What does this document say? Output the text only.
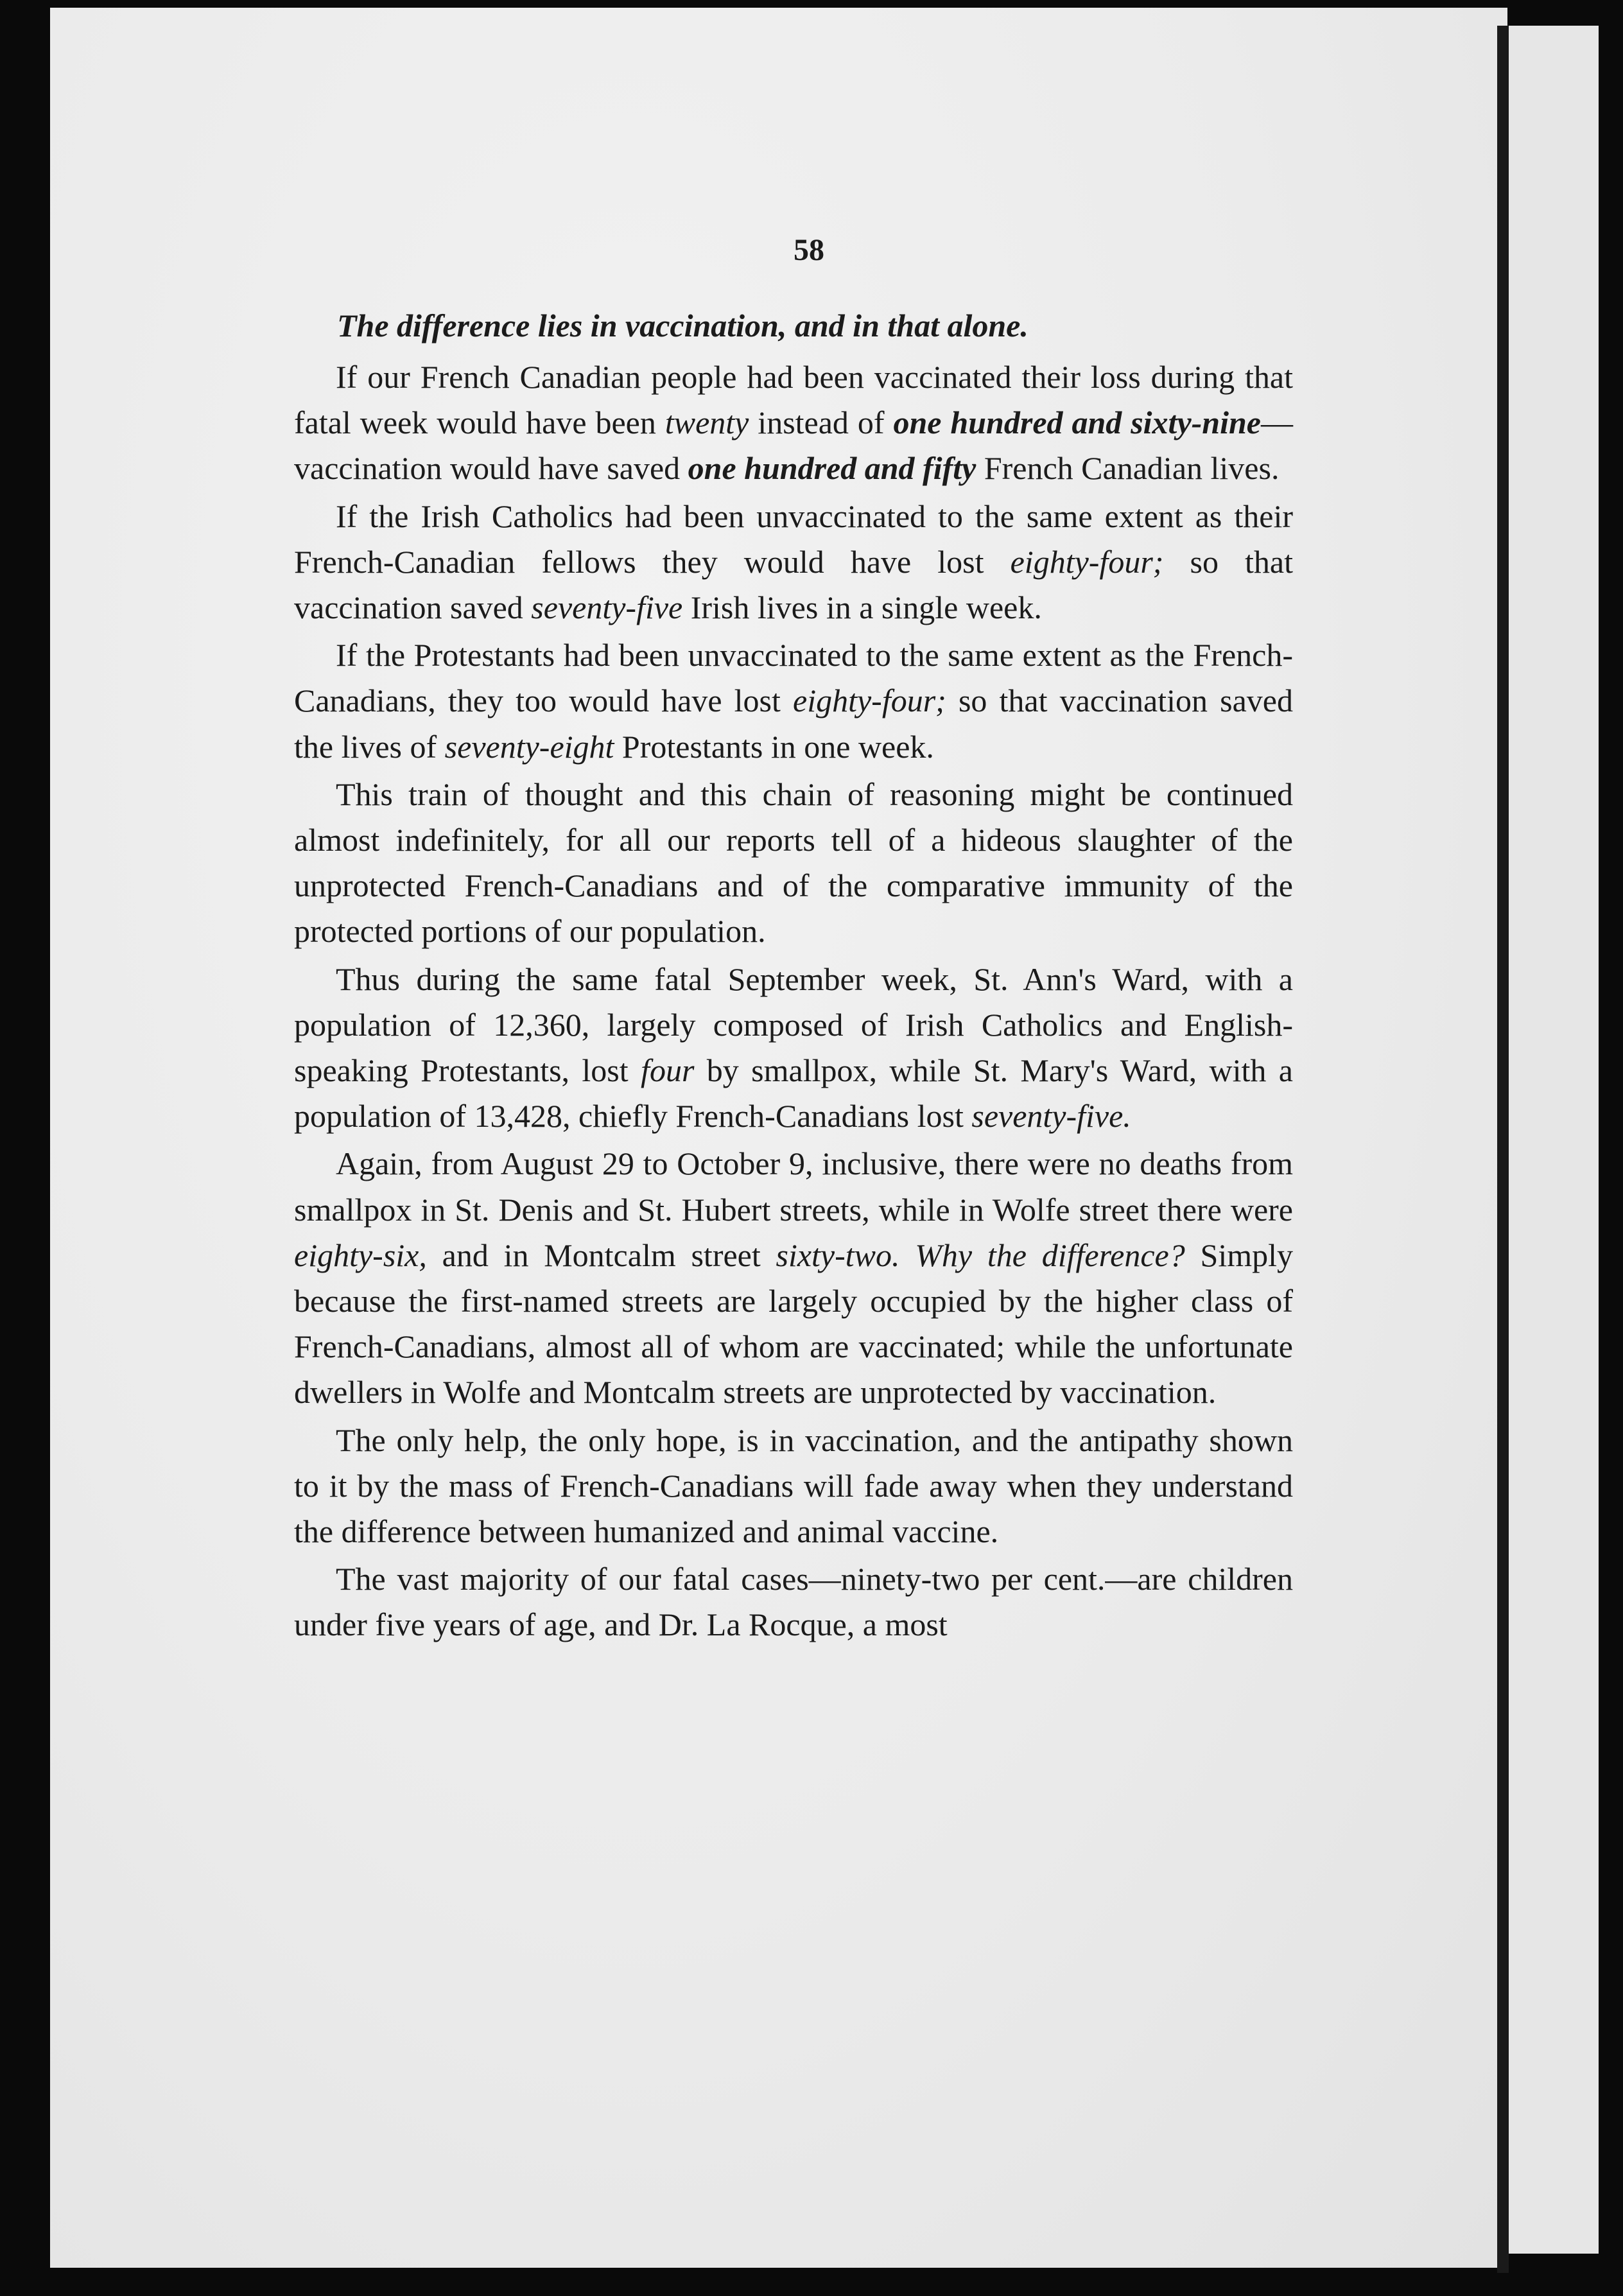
58
The difference lies in vaccination, and in that alone.

If our French Canadian people had been vaccinated their loss during that fatal week would have been twenty instead of one hundred and sixty-nine—vaccination would have saved one hundred and fifty French Canadian lives.

If the Irish Catholics had been unvaccinated to the same extent as their French-Canadian fellows they would have lost eighty-four; so that vaccination saved seventy-five Irish lives in a single week.

If the Protestants had been unvaccinated to the same extent as the French-Canadians, they too would have lost eighty-four; so that vaccination saved the lives of seventy-eight Protestants in one week.

This train of thought and this chain of reasoning might be continued almost indefinitely, for all our reports tell of a hideous slaughter of the unprotected French-Canadians and of the comparative immunity of the protected portions of our population.

Thus during the same fatal September week, St. Ann's Ward, with a population of 12,360, largely composed of Irish Catholics and English-speaking Protestants, lost four by smallpox, while St. Mary's Ward, with a population of 13,428, chiefly French-Canadians lost seventy-five.

Again, from August 29 to October 9, inclusive, there were no deaths from smallpox in St. Denis and St. Hubert streets, while in Wolfe street there were eighty-six, and in Montcalm street sixty-two. Why the difference? Simply because the first-named streets are largely occupied by the higher class of French-Canadians, almost all of whom are vaccinated; while the unfortunate dwellers in Wolfe and Montcalm streets are unprotected by vaccination.

The only help, the only hope, is in vaccination, and the antipathy shown to it by the mass of French-Canadians will fade away when they understand the difference between humanized and animal vaccine.

The vast majority of our fatal cases—ninety-two per cent.—are children under five years of age, and Dr. La Rocque, a most
